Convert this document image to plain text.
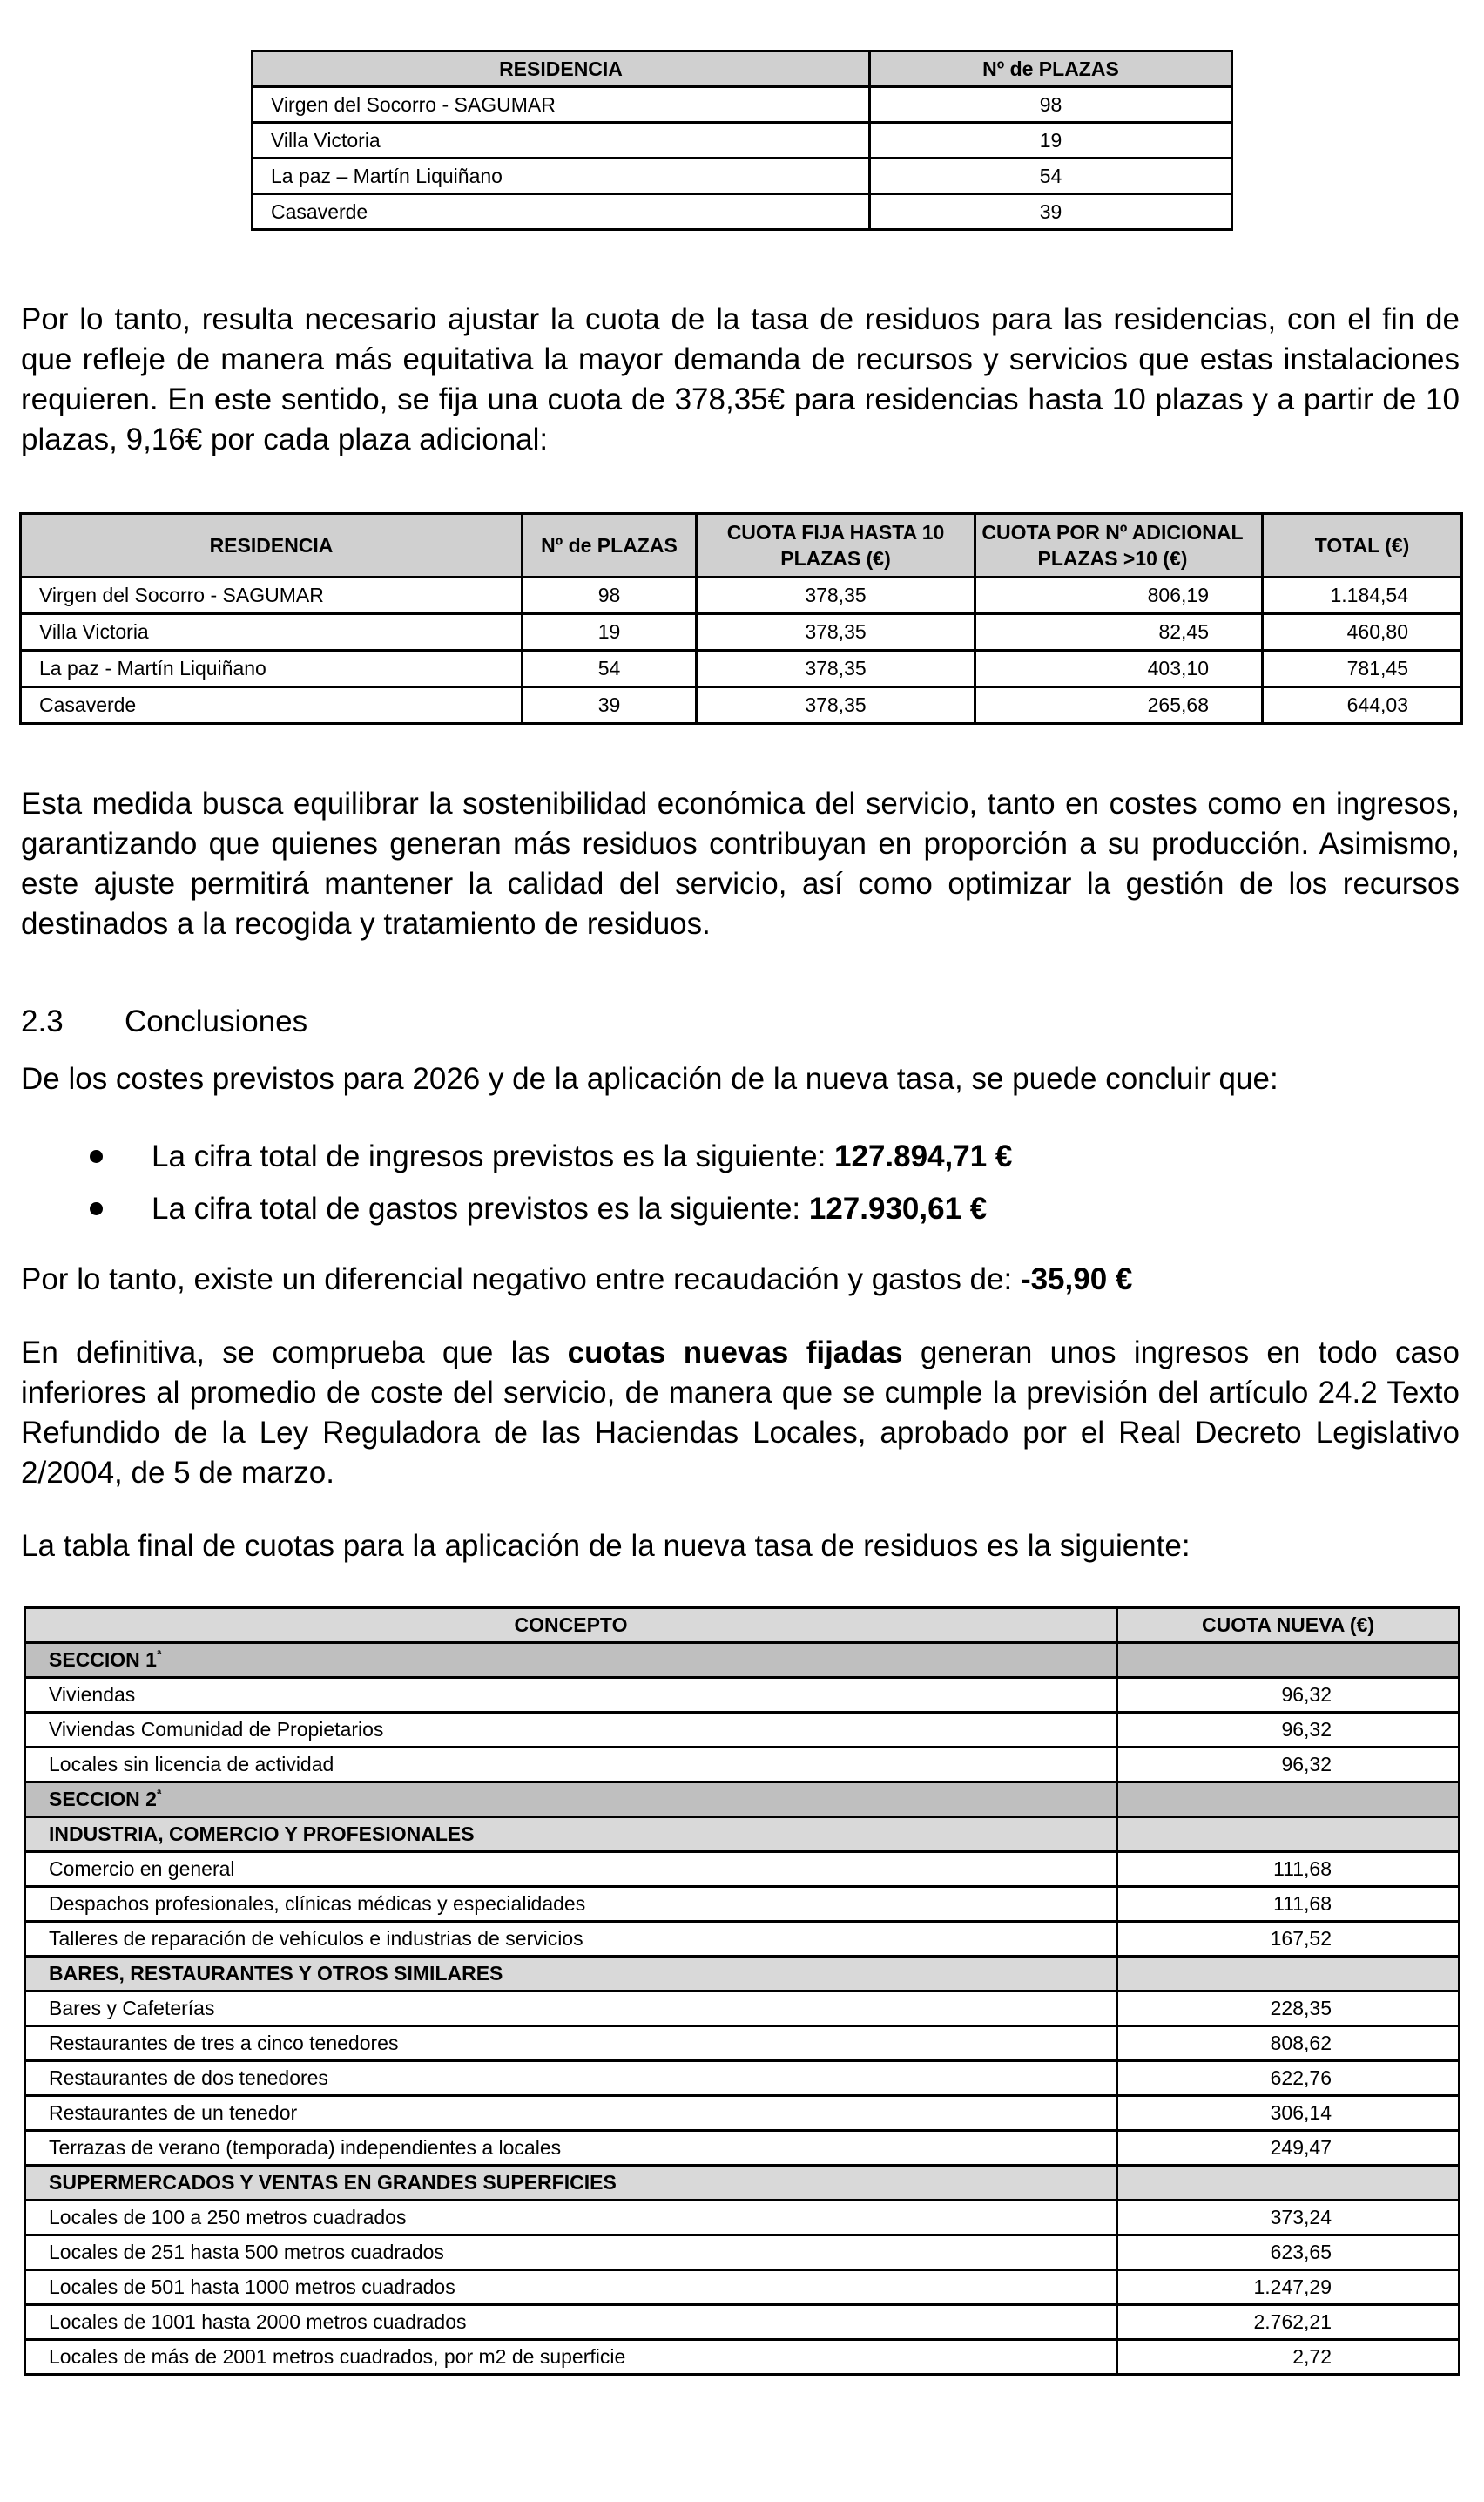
RESIDENCIA	Nº de PLAZAS
Virgen del Socorro - SAGUMAR	98
Villa Victoria	19
La paz – Martín Liquiñano	54
Casaverde	39

Por lo tanto, resulta necesario ajustar la cuota de la tasa de residuos para las residencias, con el fin de que refleje de manera más equitativa la mayor demanda de recursos y servicios que estas instalaciones requieren. En este sentido, se fija una cuota de 378,35€ para residencias hasta 10 plazas y a partir de 10 plazas, 9,16€ por cada plaza adicional:

RESIDENCIA	Nº de PLAZAS	CUOTA FIJA HASTA 10 PLAZAS (€)	CUOTA POR Nº ADICIONAL PLAZAS >10 (€)	TOTAL (€)
Virgen del Socorro - SAGUMAR	98	378,35	806,19	1.184,54
Villa Victoria	19	378,35	82,45	460,80
La paz - Martín Liquiñano	54	378,35	403,10	781,45
Casaverde	39	378,35	265,68	644,03

Esta medida busca equilibrar la sostenibilidad económica del servicio, tanto en costes como en ingresos, garantizando que quienes generan más residuos contribuyan en proporción a su producción. Asimismo, este ajuste permitirá mantener la calidad del servicio, así como optimizar la gestión de los recursos destinados a la recogida y tratamiento de residuos.

2.3 Conclusiones

De los costes previstos para 2026 y de la aplicación de la nueva tasa, se puede concluir que:

La cifra total de ingresos previstos es la siguiente: 127.894,71 €
La cifra total de gastos previstos es la siguiente: 127.930,61 €

Por lo tanto, existe un diferencial negativo entre recaudación y gastos de: -35,90 €

En definitiva, se comprueba que las cuotas nuevas fijadas generan unos ingresos en todo caso inferiores al promedio de coste del servicio, de manera que se cumple la previsión del artículo 24.2 Texto Refundido de la Ley Reguladora de las Haciendas Locales, aprobado por el Real Decreto Legislativo 2/2004, de 5 de marzo.

La tabla final de cuotas para la aplicación de la nueva tasa de residuos es la siguiente:

CONCEPTO	CUOTA NUEVA (€)
SECCION $1^ª$	
Viviendas	96,32
Viviendas Comunidad de Propietarios	96,32
Locales sin licencia de actividad	96,32
SECCION $2^ª$	
INDUSTRIA, COMERCIO Y PROFESIONALES	
Comercio en general	111,68
Despachos profesionales, clínicas médicas y especialidades	111,68
Talleres de reparación de vehículos e industrias de servicios	167,52
BARES, RESTAURANTES Y OTROS SIMILARES	
Bares y Cafeterías	228,35
Restaurantes de tres a cinco tenedores	808,62
Restaurantes de dos tenedores	622,76
Restaurantes de un tenedor	306,14
Terrazas de verano (temporada) independientes a locales	249,47
SUPERMERCADOS Y VENTAS EN GRANDES SUPERFICIES	
Locales de 100 a 250 metros cuadrados	373,24
Locales de 251 hasta 500 metros cuadrados	623,65
Locales de 501 hasta 1000 metros cuadrados	1.247,29
Locales de 1001 hasta 2000 metros cuadrados	2.762,21
Locales de más de 2001 metros cuadrados, por m2 de superficie	2,72
